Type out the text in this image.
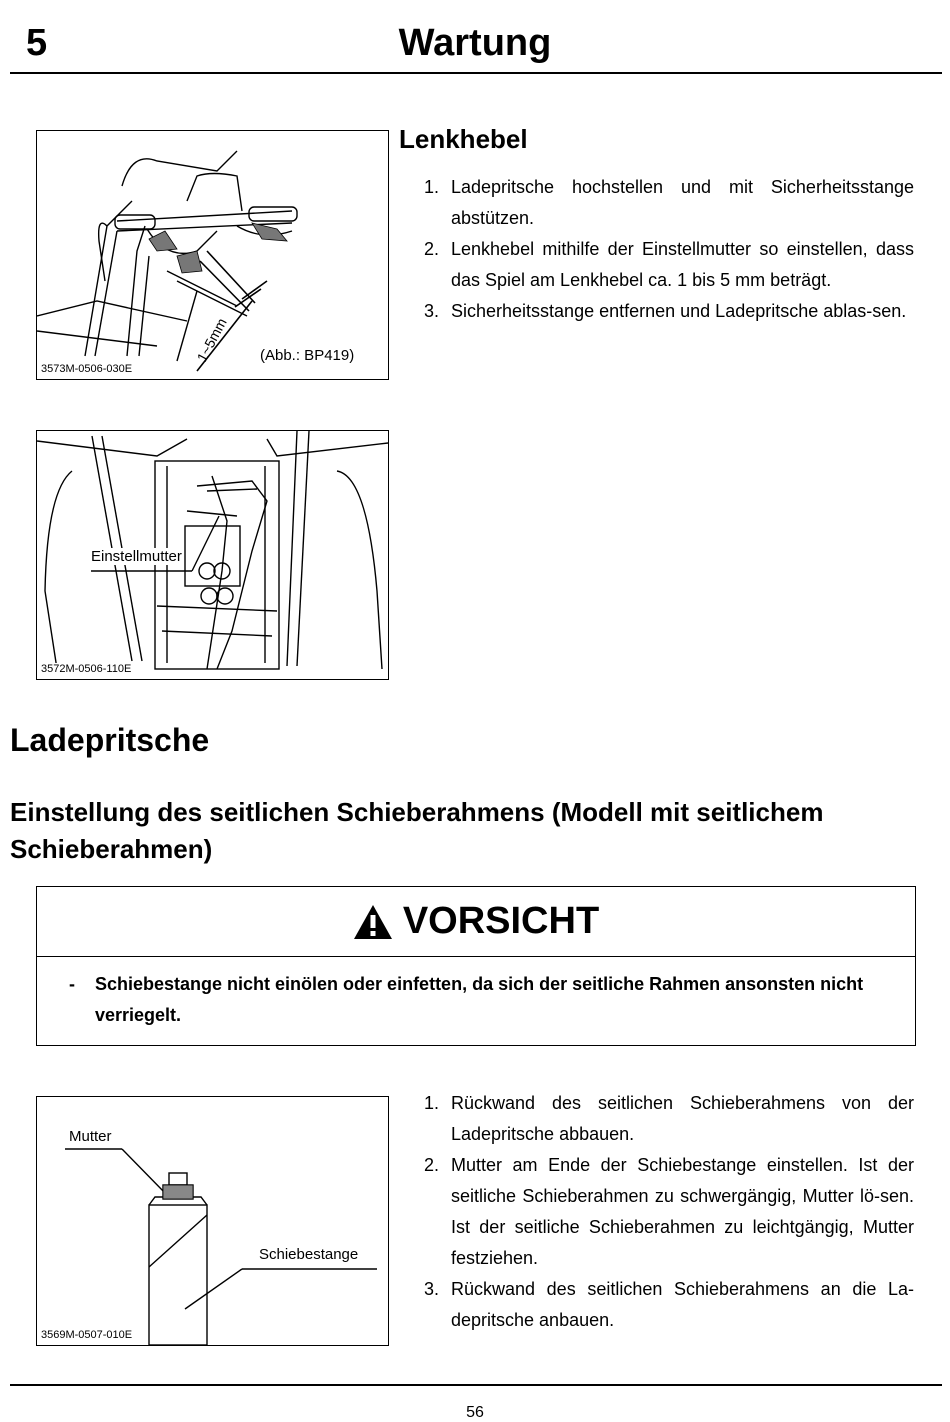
Wartung
5
1~5mm (Abb.: BP419)
3573M-0506-030E
Lenkhebel
1. Ladepritsche hochstellen und mit Sicherheitsstange abstützen.
2. Lenkhebel mithilfe der Einstellmutter so einstellen, dass das Spiel am Lenkhebel ca. 1 bis 5 mm beträgt.
3. Sicherheitsstange entfernen und Ladepritsche ablas-sen.
Einstellmutter
3572M-0506-110E
Ladepritsche
Einstellung des seitlichen Schieberahmens (Modell mit seitlichem Schieberahmen)
VORSICHT
- Schiebestange nicht einölen oder einfetten, da sich der seitliche Rahmen ansonsten nicht verriegelt.
Mutter
Schiebestange
3569M-0507-010E
1. Rückwand des seitlichen Schieberahmens von der Ladepritsche abbauen.
2. Mutter am Ende der Schiebestange einstellen. Ist der seitliche Schieberahmen zu schwergängig, Mutter lö-sen. Ist der seitliche Schieberahmen zu leichtgängig, Mutter festziehen.
3. Rückwand des seitlichen Schieberahmens an die La-depritsche anbauen.
56
